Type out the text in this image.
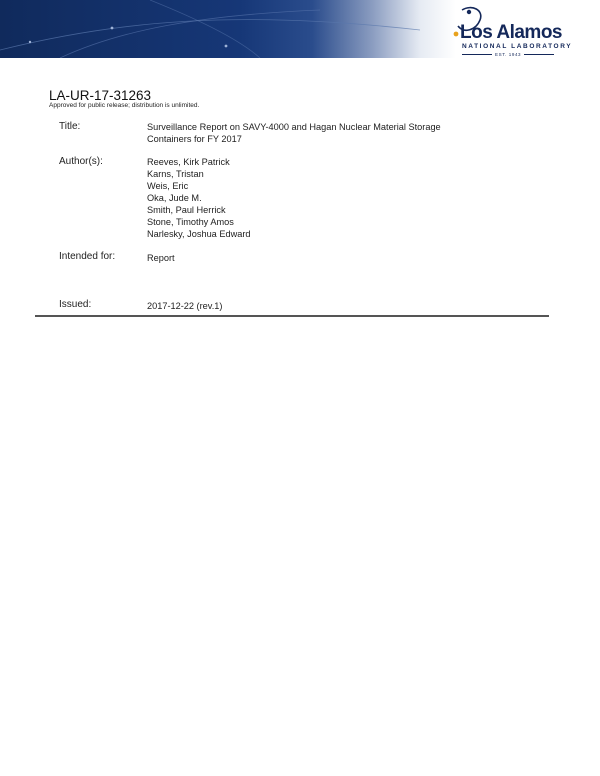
Los Alamos
NATIONAL LABORATORY
EST. 1943
LA-UR-17-31263
Approved for public release; distribution is unlimited.
Title:	Surveillance Report on SAVY-4000 and Hagan Nuclear Material Storage
Containers for FY 2017
Author(s):	Reeves, Kirk Patrick
Karns, Tristan
Weis, Eric
Oka, Jude M.
Smith, Paul Herrick
Stone, Timothy Amos
Narlesky, Joshua Edward
Intended for:	Report
Issued:	2017-12-22 (rev.1)
